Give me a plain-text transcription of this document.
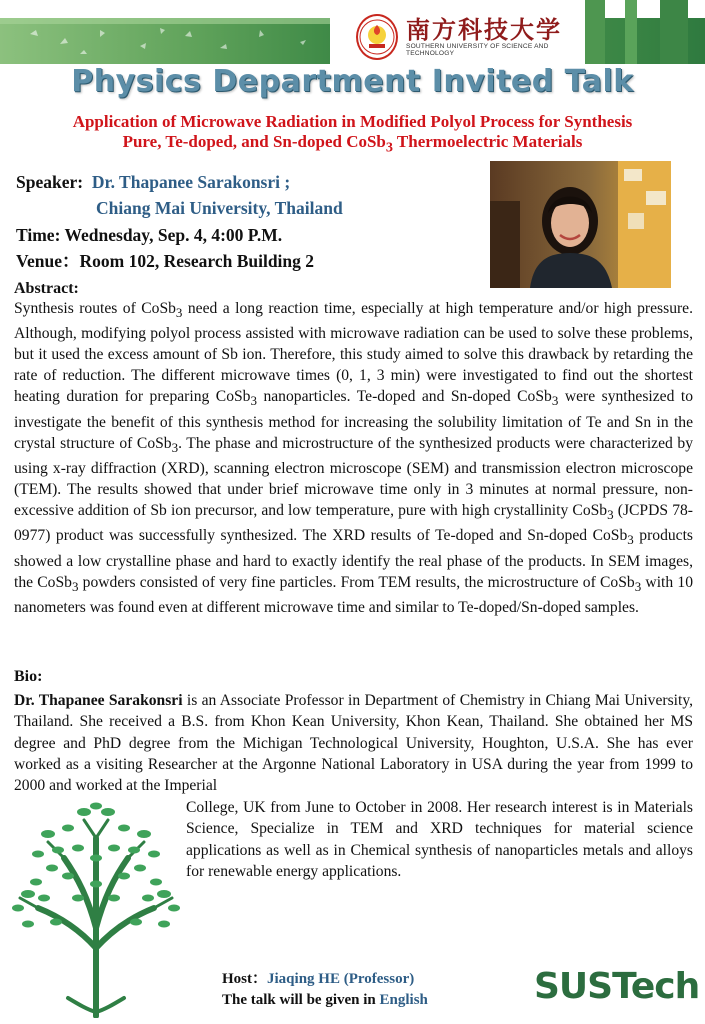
南方科技大学
SOUTHERN UNIVERSITY OF SCIENCE AND TECHNOLOGY
Physics Department Invited Talk
Application of Microwave Radiation in Modified Polyol Process for Synthesis
Pure, Te-doped, and Sn-doped CoSb$_3$ Thermoelectric Materials
Speaker: Dr. Thapanee Sarakonsri ;
Chiang Mai University, Thailand
Time: Wednesday, Sep. 4, 4:00 P.M.
Venue：Room 102, Research Building 2
Abstract:
Synthesis routes of CoSb$_3$ need a long reaction time, especially at high temperature and/or high pressure. Although, modifying polyol process assisted with microwave radiation can be used to solve these problems, but it used the excess amount of Sb ion. Therefore, this study aimed to solve this drawback by retarding the rate of reduction. The different microwave times (0, 1, 3 min) were investigated to find out the shortest heating duration for preparing CoSb$_3$ nanoparticles. Te-doped and Sn-doped CoSb$_3$ were synthesized to investigate the benefit of this synthesis method for increasing the solubility limitation of Te and Sn in the crystal structure of CoSb$_3$. The phase and microstructure of the synthesized products were characterized by using x-ray diffraction (XRD), scanning electron microscope (SEM) and transmission electron microscope (TEM). The results showed that under brief microwave time only in 3 minutes at normal pressure, non-excessive addition of Sb ion precursor, and low temperature, pure with high crystallinity CoSb$_3$ (JCPDS 78-0977) product was successfully synthesized. The XRD results of Te-doped and Sn-doped CoSb$_3$ products showed a low crystalline phase and hard to exactly identify the real phase of the products. In SEM images, the CoSb$_3$ powders consisted of very fine particles. From TEM results, the microstructure of CoSb$_3$ with 10 nanometers was found even at different microwave time and similar to Te-doped/Sn-doped samples.
Bio:
Dr. Thapanee Sarakonsri is an Associate Professor in Department of Chemistry in Chiang Mai University, Thailand. She received a B.S. from Khon Kean University, Khon Kean, Thailand. She obtained her MS degree and PhD degree from the Michigan Technological University, Houghton, U.S.A. She has ever worked as a visiting Researcher at the Argonne National Laboratory in USA during the year from 1999 to 2000 and worked at the Imperial
College, UK from June to October in 2008. Her research interest is in Materials Science, Specialize in TEM and XRD techniques for material science applications as well as in Chemical synthesis of nanoparticles metals and alloys for renewable energy applications.
Host：Jiaqing HE (Professor)
The talk will be given in English	SUSTech
